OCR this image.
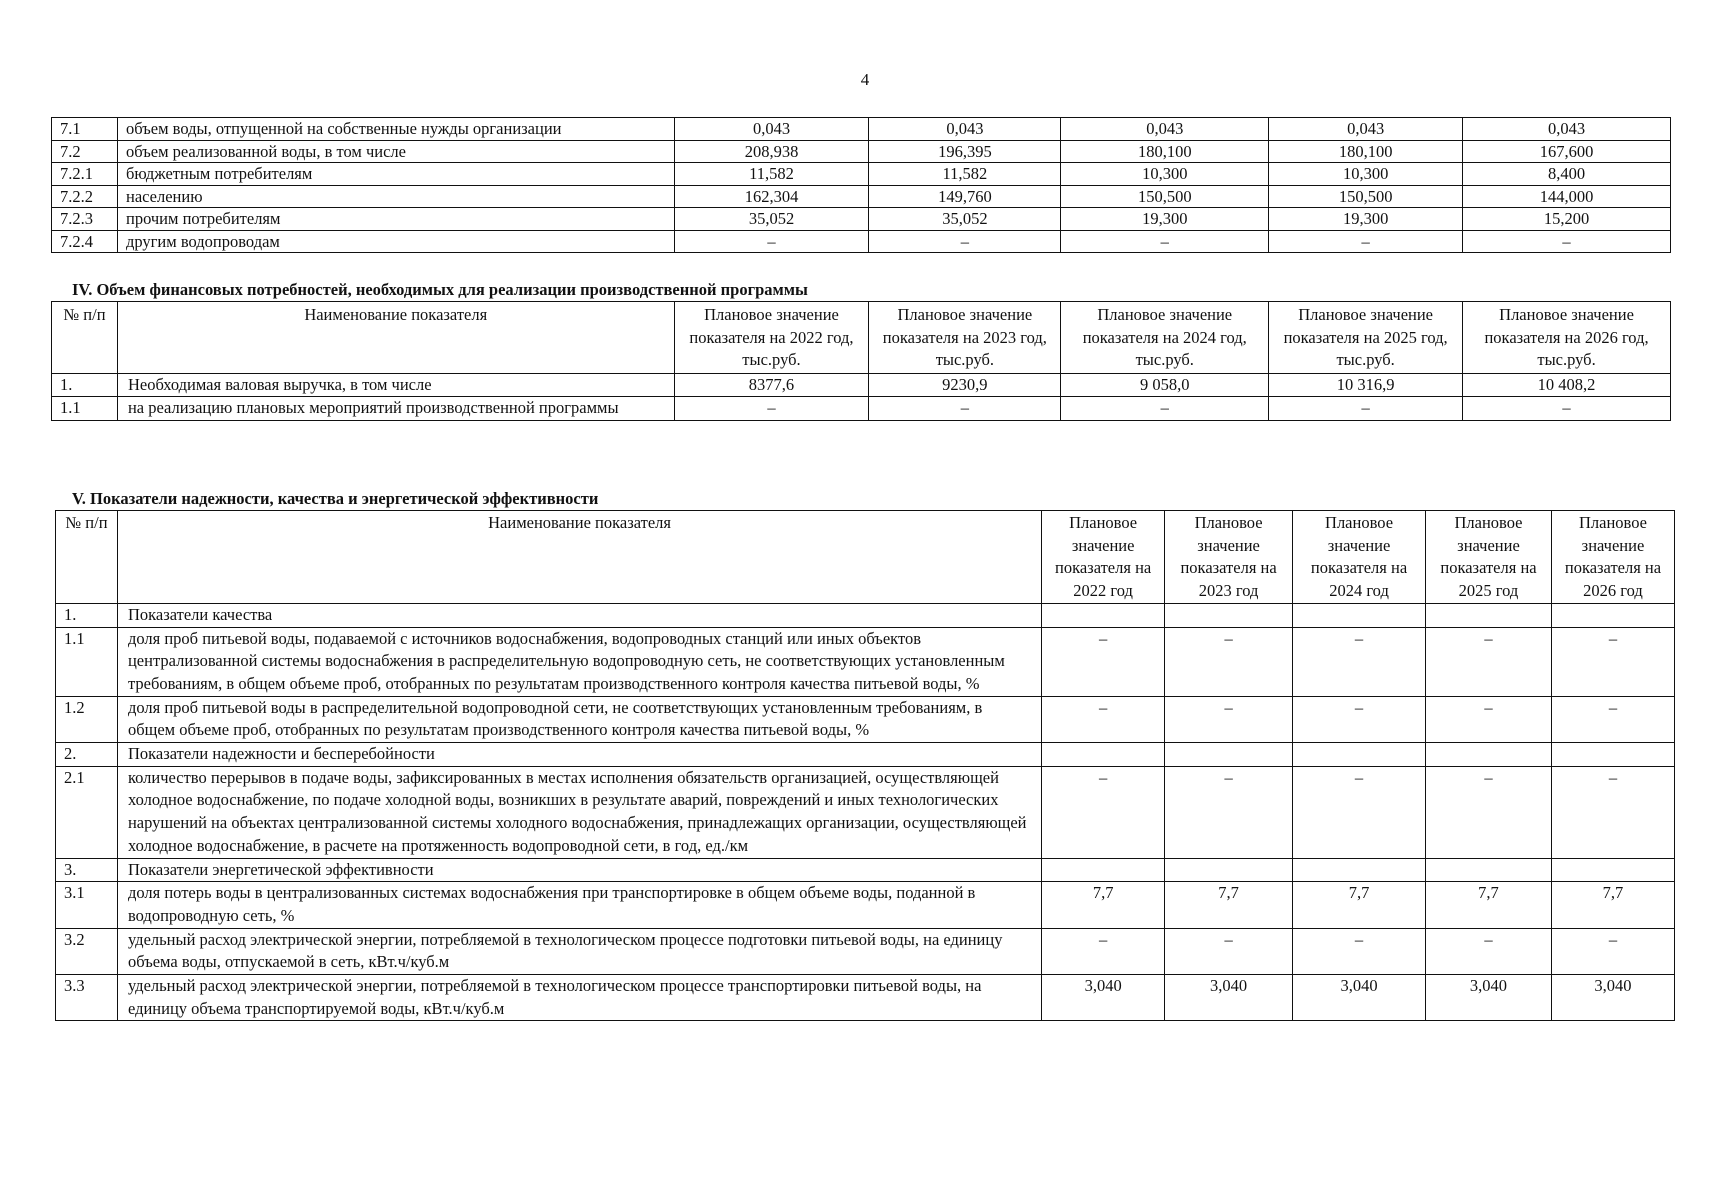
4
7.1	объем воды, отпущенной на собственные нужды организации	0,043	0,043	0,043	0,043	0,043
7.2	объем реализованной воды, в том числе	208,938	196,395	180,100	180,100	167,600
7.2.1	бюджетным потребителям	11,582	11,582	10,300	10,300	8,400
7.2.2	населению	162,304	149,760	150,500	150,500	144,000
7.2.3	прочим потребителям	35,052	35,052	19,300	19,300	15,200
7.2.4	другим водопроводам	–	–	–	–	–
IV. Объем финансовых потребностей, необходимых для реализации производственной программы
№ п/п	Наименование показателя	Плановое значение показателя на 2022 год, тыс.руб.	Плановое значение показателя на 2023 год, тыс.руб.	Плановое значение показателя на 2024 год, тыс.руб.	Плановое значение показателя на 2025 год, тыс.руб.	Плановое значение показателя на 2026 год, тыс.руб.
1.	Необходимая валовая выручка, в том числе	8377,6	9230,9	9 058,0	10 316,9	10 408,2
1.1	на реализацию плановых мероприятий производственной программы	–	–	–	–	–
V. Показатели надежности, качества и энергетической эффективности
№ п/п	Наименование показателя	Плановое значение показателя на 2022 год	Плановое значение показателя на 2023 год	Плановое значение показателя на 2024 год	Плановое значение показателя на 2025 год	Плановое значение показателя на 2026 год
1.	Показатели качества					
1.1	доля проб питьевой воды, подаваемой с источников водоснабжения, водопроводных станций или иных объектов централизованной системы водоснабжения в распределительную водопроводную сеть, не соответствующих установленным требованиям, в общем объеме проб, отобранных по результатам производственного контроля качества питьевой воды, %	–	–	–	–	–
1.2	доля проб питьевой воды в распределительной водопроводной сети, не соответствующих установленным требованиям, в общем объеме проб, отобранных по результатам производственного контроля качества питьевой воды, %	–	–	–	–	–
2.	Показатели надежности и бесперебойности					
2.1	количество перерывов в подаче воды, зафиксированных в местах исполнения обязательств организацией, осуществляющей холодное водоснабжение, по подаче холодной воды, возникших в результате аварий, повреждений и иных технологических нарушений на объектах централизованной системы холодного водоснабжения, принадлежащих организации, осуществляющей холодное водоснабжение, в расчете на протяженность водопроводной сети, в год, ед./км	–	–	–	–	–
3.	Показатели энергетической эффективности					
3.1	доля потерь воды в централизованных системах водоснабжения при транспортировке в общем объеме воды, поданной в водопроводную сеть, %	7,7	7,7	7,7	7,7	7,7
3.2	удельный расход электрической энергии, потребляемой в технологическом процессе подготовки питьевой воды, на единицу объема воды, отпускаемой в сеть, кВт.ч/куб.м	–	–	–	–	–
3.3	удельный расход электрической энергии, потребляемой в технологическом процессе транспортировки питьевой воды, на единицу объема транспортируемой воды, кВт.ч/куб.м	3,040	3,040	3,040	3,040	3,040
